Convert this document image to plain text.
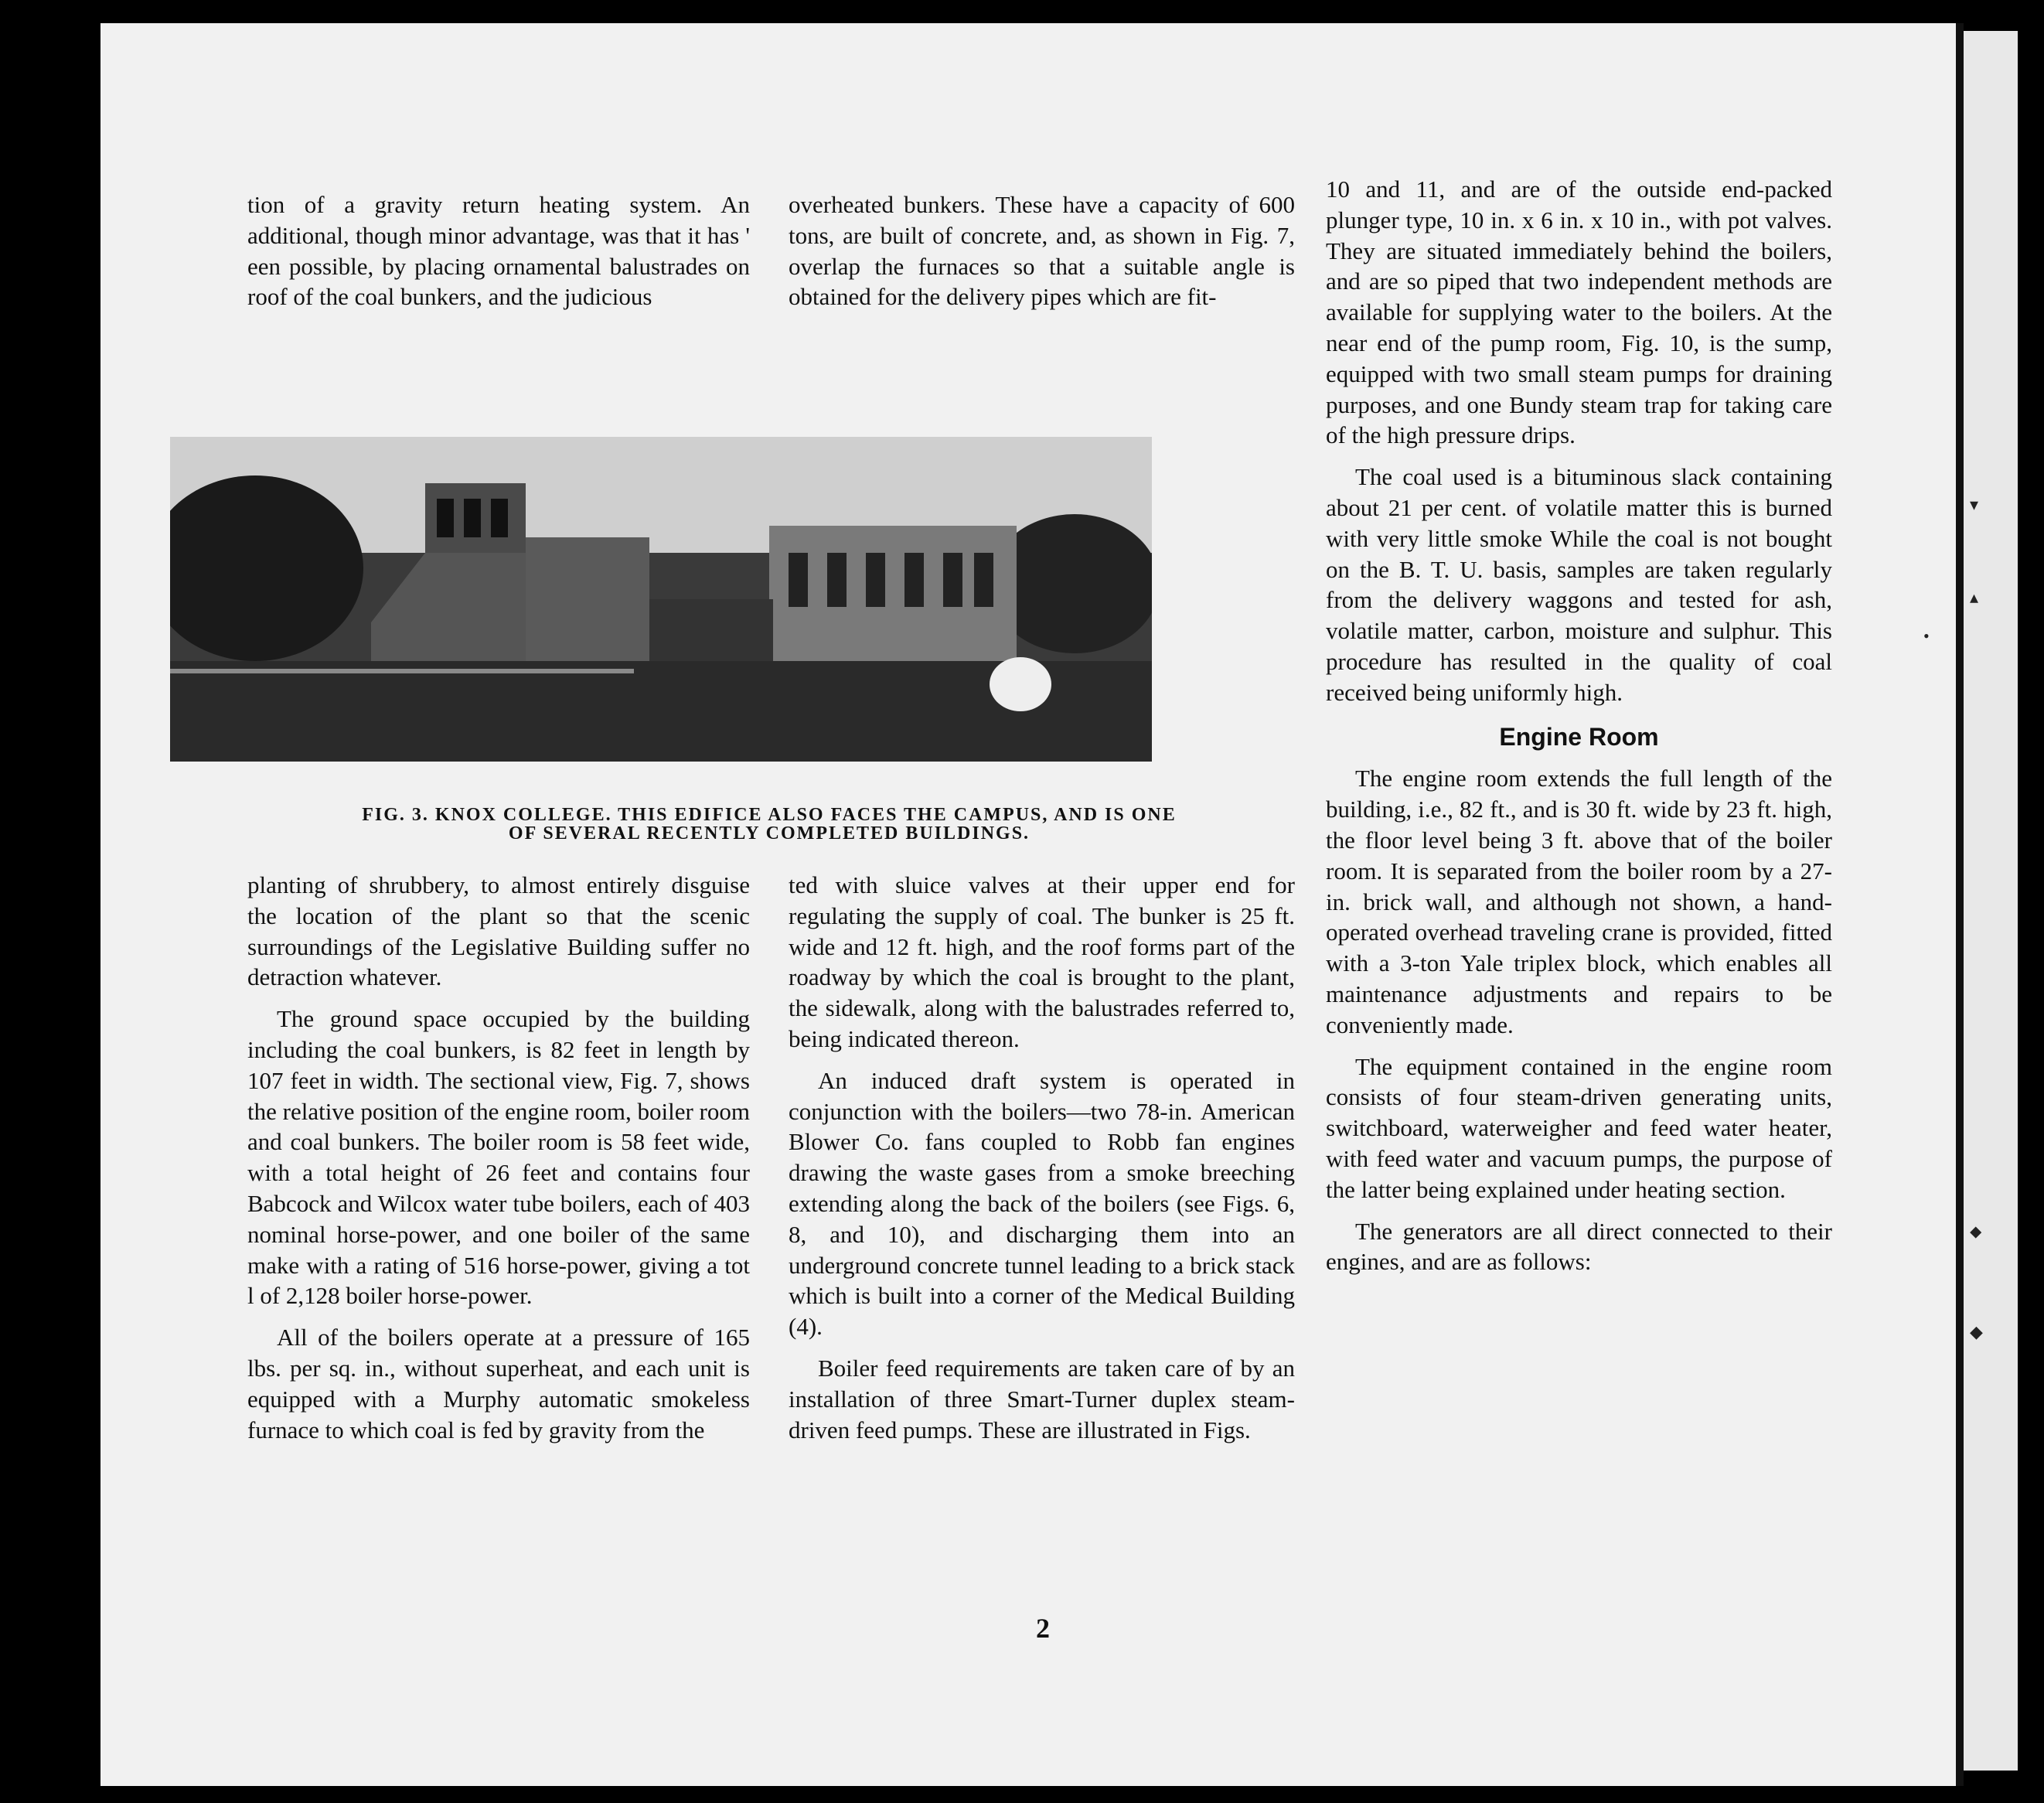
tion of a gravity return heating system. An additional, though minor advantage, was that it has ' een possible, by placing ornamental balustrades on roof of the coal bunkers, and the judicious

overheated bunkers. These have a capacity of 600 tons, are built of concrete, and, as shown in Fig. 7, overlap the furnaces so that a suitable angle is obtained for the delivery pipes which are fit-

FIG. 3. KNOX COLLEGE. THIS EDIFICE ALSO FACES THE CAMPUS, AND IS ONE
OF SEVERAL RECENTLY COMPLETED BUILDINGS.

planting of shrubbery, to almost entirely disguise the location of the plant so that the scenic surroundings of the Legislative Building suffer no detraction whatever.

The ground space occupied by the building including the coal bunkers, is 82 feet in length by 107 feet in width. The sectional view, Fig. 7, shows the relative position of the engine room, boiler room and coal bunkers. The boiler room is 58 feet wide, with a total height of 26 feet and contains four Babcock and Wilcox water tube boilers, each of 403 nominal horse-power, and one boiler of the same make with a rating of 516 horse-power, giving a tot l of 2,128 boiler horse-power.

All of the boilers operate at a pressure of 165 lbs. per sq. in., without superheat, and each unit is equipped with a Murphy automatic smokeless furnace to which coal is fed by gravity from the

ted with sluice valves at their upper end for regulating the supply of coal. The bunker is 25 ft. wide and 12 ft. high, and the roof forms part of the roadway by which the coal is brought to the plant, the sidewalk, along with the balustrades referred to, being indicated thereon.

An induced draft system is operated in conjunction with the boilers—two 78-in. American Blower Co. fans coupled to Robb fan engines drawing the waste gases from a smoke breeching extending along the back of the boilers (see Figs. 6, 8, and 10), and discharging them into an underground concrete tunnel leading to a brick stack which is built into a corner of the Medical Building (4).

Boiler feed requirements are taken care of by an installation of three Smart-Turner duplex steam-driven feed pumps. These are illustrated in Figs.

10 and 11, and are of the outside end-packed plunger type, 10 in. x 6 in. x 10 in., with pot valves. They are situated immediately behind the boilers, and are so piped that two independent methods are available for supplying water to the boilers. At the near end of the pump room, Fig. 10, is the sump, equipped with two small steam pumps for draining purposes, and one Bundy steam trap for taking care of the high pressure drips.

The coal used is a bituminous slack containing about 21 per cent. of volatile matter this is burned with very little smoke While the coal is not bought on the B. T. U. basis, samples are taken regularly from the delivery waggons and tested for ash, volatile matter, carbon, moisture and sulphur. This procedure has resulted in the quality of coal received being uniformly high.

Engine Room

The engine room extends the full length of the building, i.e., 82 ft., and is 30 ft. wide by 23 ft. high, the floor level being 3 ft. above that of the boiler room. It is separated from the boiler room by a 27-in. brick wall, and although not shown, a hand-operated overhead traveling crane is provided, fitted with a 3-ton Yale triplex block, which enables all maintenance adjustments and repairs to be conveniently made.

The equipment contained in the engine room consists of four steam-driven generating units, switchboard, waterweigher and feed water heater, with feed water and vacuum pumps, the purpose of the latter being explained under heating section.

The generators are all direct connected to their engines, and are as follows:

2
▾
▴
•
⬥
◆
